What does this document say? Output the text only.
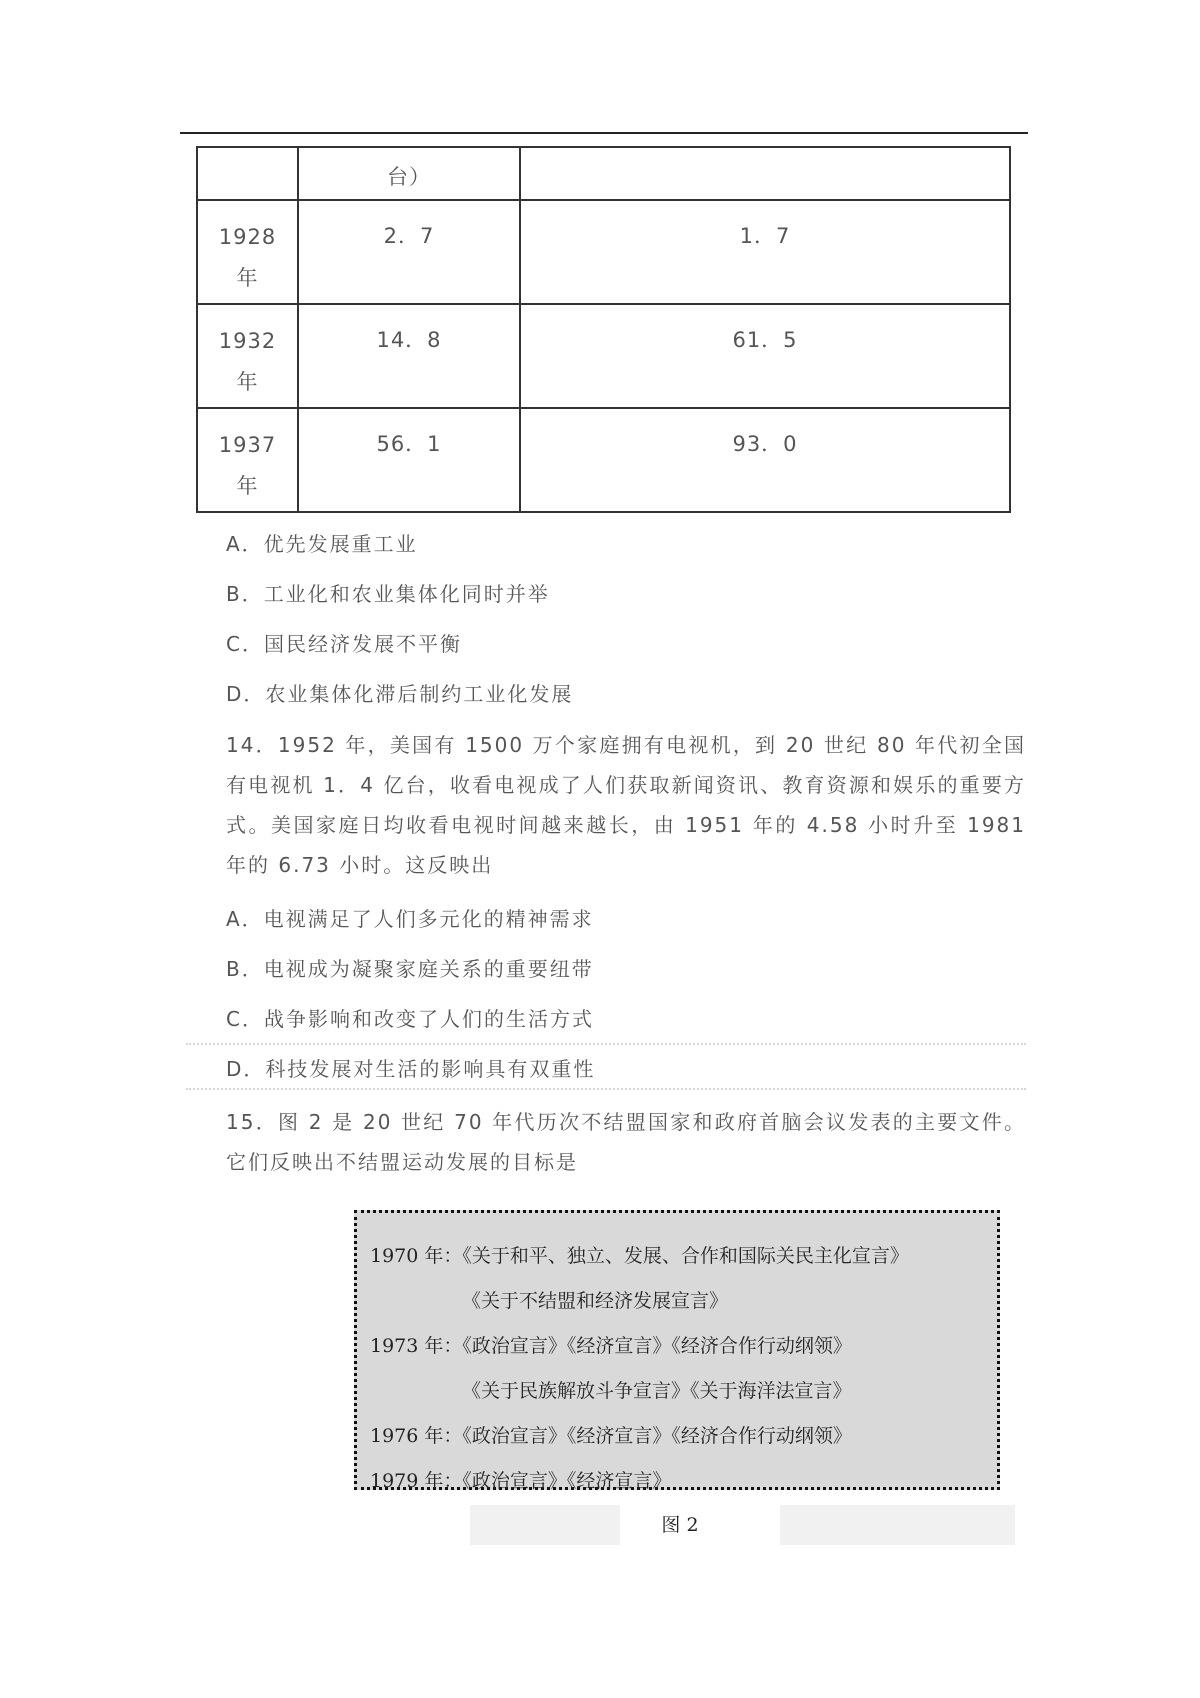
	台）	

1928
年	2．7	1．7

1932
年	14．8	61．5

1937
年	56．1	93．0
A．优先发展重工业
B．工业化和农业集体化同时并举
C．国民经济发展不平衡
D．农业集体化滞后制约工业化发展
14．1952 年，美国有 1500 万个家庭拥有电视机，到 20 世纪 80 年代初全国有电视机 1．4 亿台，收看电视成了人们获取新闻资讯、教育资源和娱乐的重要方式。美国家庭日均收看电视时间越来越长，由 1951 年的 4.58 小时升至 1981 年的 6.73 小时。这反映出
A．电视满足了人们多元化的精神需求
B．电视成为凝聚家庭关系的重要纽带
C．战争影响和改变了人们的生活方式
D．科技发展对生活的影响具有双重性
15．图 2 是 20 世纪 70 年代历次不结盟国家和政府首脑会议发表的主要文件。它们反映出不结盟运动发展的目标是
1970 年：《关于和平、独立、发展、合作和国际关民主化宣言》
《关于不结盟和经济发展宣言》
1973 年：《政治宣言》《经济宣言》《经济合作行动纲领》
《关于民族解放斗争宣言》《关于海洋法宣言》
1976 年：《政治宣言》《经济宣言》《经济合作行动纲领》
1979 年：《政治宣言》《经济宣言》
图 2
